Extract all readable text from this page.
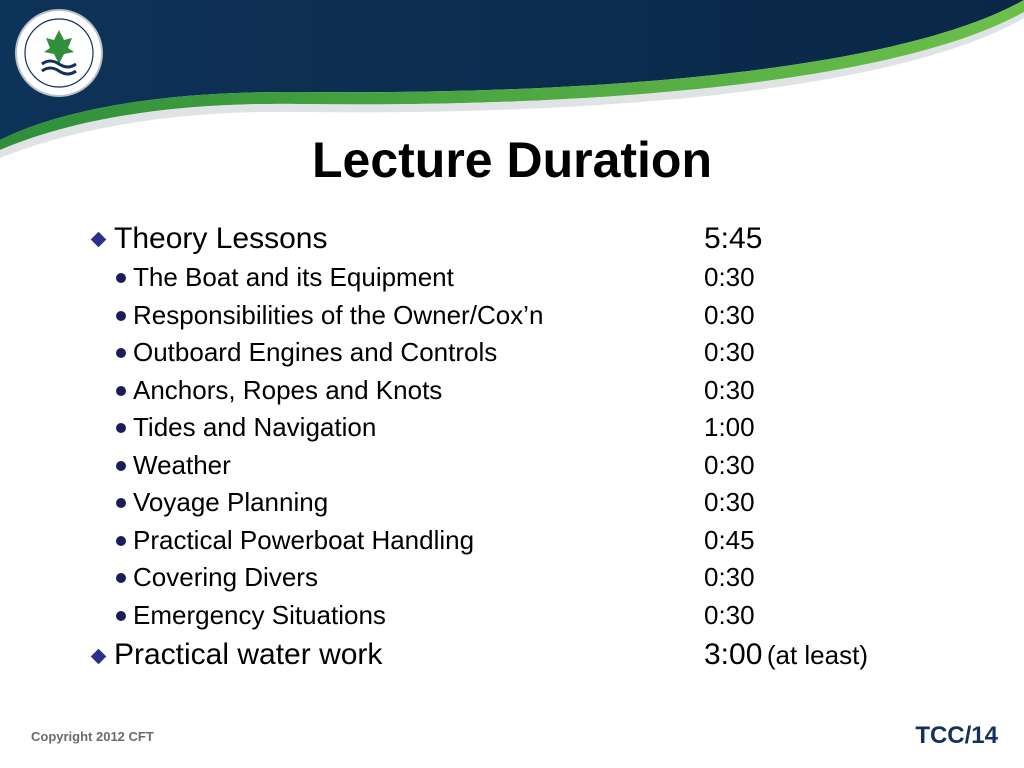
Lecture Duration
Theory Lessons	5:45
The Boat and its Equipment	0:30
Responsibilities of the Owner/Cox’n	0:30
Outboard Engines and Controls	0:30
Anchors, Ropes and Knots	0:30
Tides and Navigation	1:00
Weather	0:30
Voyage Planning	0:30
Practical Powerboat Handling	0:45
Covering Divers	0:30
Emergency Situations	0:30
Practical water work	3:00 (at least)
Copyright 2012 CFT	TCC/14
